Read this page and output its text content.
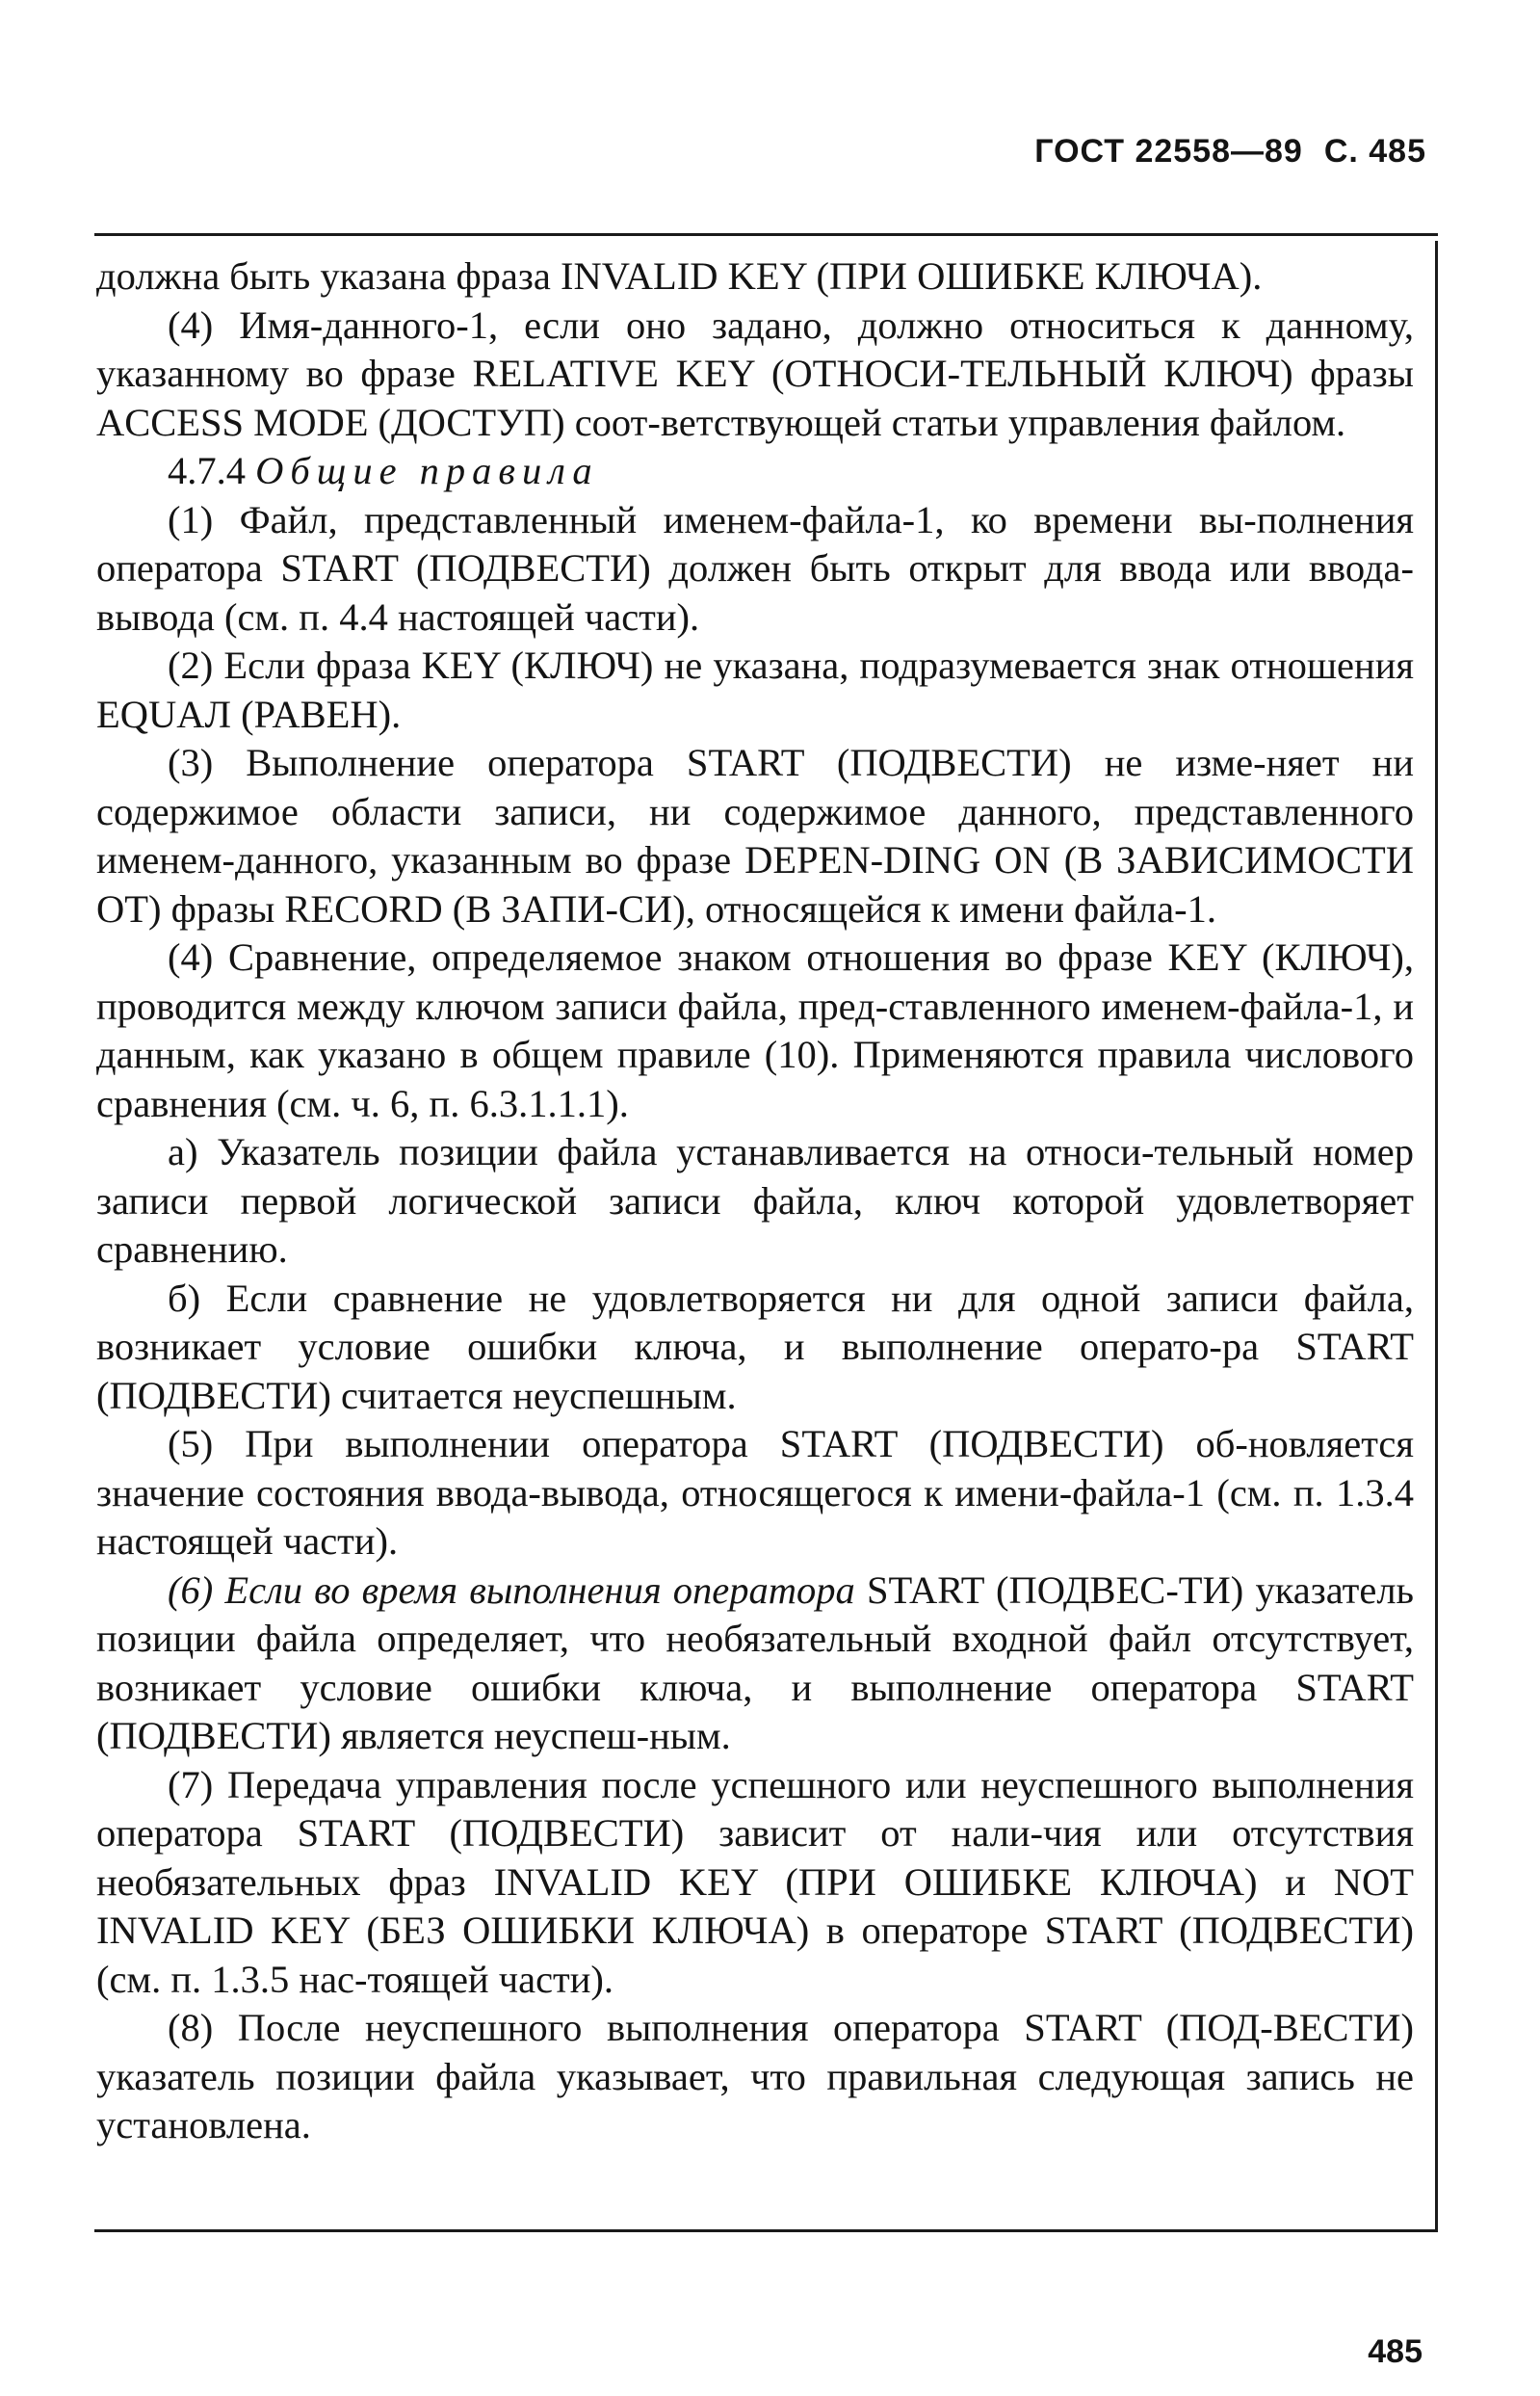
ГОСТ 22558—89 С. 485

должна быть указана фраза INVALID KEY (ПРИ ОШИБКЕ КЛЮЧА).

(4) Имя-данного-1, если оно задано, должно относиться к данному, указанному во фразе RELATIVE KEY (ОТНОСИ-ТЕЛЬНЫЙ КЛЮЧ) фразы ACCESS MODE (ДОСТУП) соот-ветствующей статьи управления файлом.

4.7.4 Общие правила

(1) Файл, представленный именем-файла-1, ко времени вы-полнения оператора START (ПОДВЕСТИ) должен быть открыт для ввода или ввода-вывода (см. п. 4.4 настоящей части).

(2) Если фраза KEY (КЛЮЧ) не указана, подразумевается знак отношения EQUAЛ (PABEH).

(3) Выполнение оператора START (ПОДВЕСТИ) не изме-няет ни содержимое области записи, ни содержимое данного, представленного именем-данного, указанным во фразе DEPEN-DING ON (В ЗАВИСИМОСТИ ОТ) фразы RECORD (В ЗАПИ-СИ), относящейся к имени файла-1.

(4) Сравнение, определяемое знаком отношения во фразе KEY (КЛЮЧ), проводится между ключом записи файла, пред-ставленного именем-файла-1, и данным, как указано в общем правиле (10). Применяются правила числового сравнения (см. ч. 6, п. 6.3.1.1.1).

а) Указатель позиции файла устанавливается на относи-тельный номер записи первой логической записи файла, ключ которой удовлетворяет сравнению.

б) Если сравнение не удовлетворяется ни для одной записи файла, возникает условие ошибки ключа, и выполнение операто-ра START (ПОДВЕСТИ) считается неуспешным.

(5) При выполнении оператора START (ПОДВЕСТИ) об-новляется значение состояния ввода-вывода, относящегося к имени-файла-1 (см. п. 1.3.4 настоящей части).

(6) Если во время выполнения оператора START (ПОДВЕС-ТИ) указатель позиции файла определяет, что необязательный входной файл отсутствует, возникает условие ошибки ключа, и выполнение оператора START (ПОДВЕСТИ) является неуспеш-ным.

(7) Передача управления после успешного или неуспешного выполнения оператора START (ПОДВЕСТИ) зависит от нали-чия или отсутствия необязательных фраз INVALID KEY (ПРИ ОШИБКЕ КЛЮЧА) и NOT INVALID KEY (БЕЗ ОШИБКИ КЛЮЧА) в операторе START (ПОДВЕСТИ) (см. п. 1.3.5 нас-тоящей части).

(8) После неуспешного выполнения оператора START (ПОД-ВЕСТИ) указатель позиции файла указывает, что правильная следующая запись не установлена.

485
